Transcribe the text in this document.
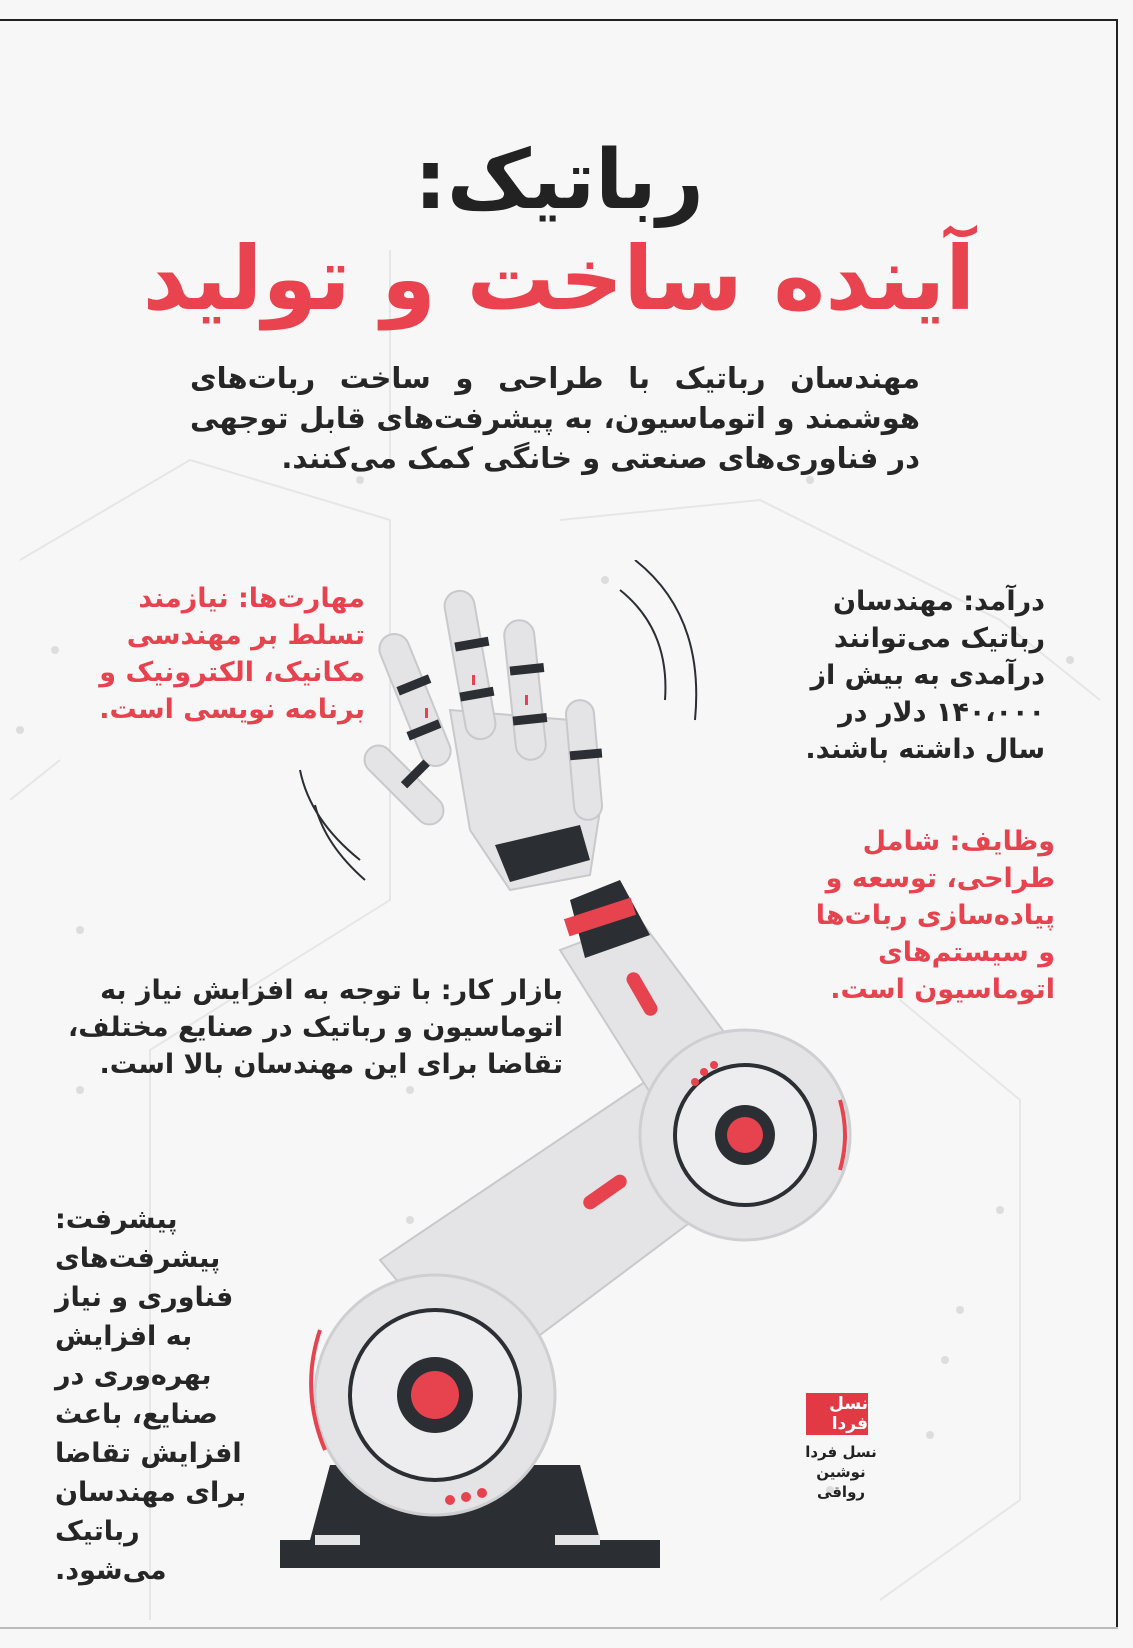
رباتیک:
آینده ساخت و تولید
مهندسان رباتیک با طراحی و ساخت ربات‌های هوشمند و اتوماسیون، به پیشرفت‌های قابل توجهی در فناوری‌های صنعتی و خانگی کمک می‌کنند.
مهارت‌ها: نیازمند تسلط بر مهندسی مکانیک، الکترونیک و برنامه نویسی است.
درآمد: مهندسان رباتیک می‌توانند درآمدی به بیش از ۱۴۰،۰۰۰ دلار در سال داشته باشند.
وظایف: شامل طراحی، توسعه و پیاده‌سازی ربات‌ها و سیستم‌های اتوماسیون است.
بازار کار: با توجه به افزایش نیاز به اتوماسیون و رباتیک در صنایع مختلف، تقاضا برای این مهندسان بالا است.
پیشرفت: پیشرفت‌های فناوری و نیاز به افزایش بهره‌وری در صنایع، باعث افزایش تقاضا برای مهندسان رباتیک می‌شود.
نسل فردا
نسل فردا
نوشین رواقی
